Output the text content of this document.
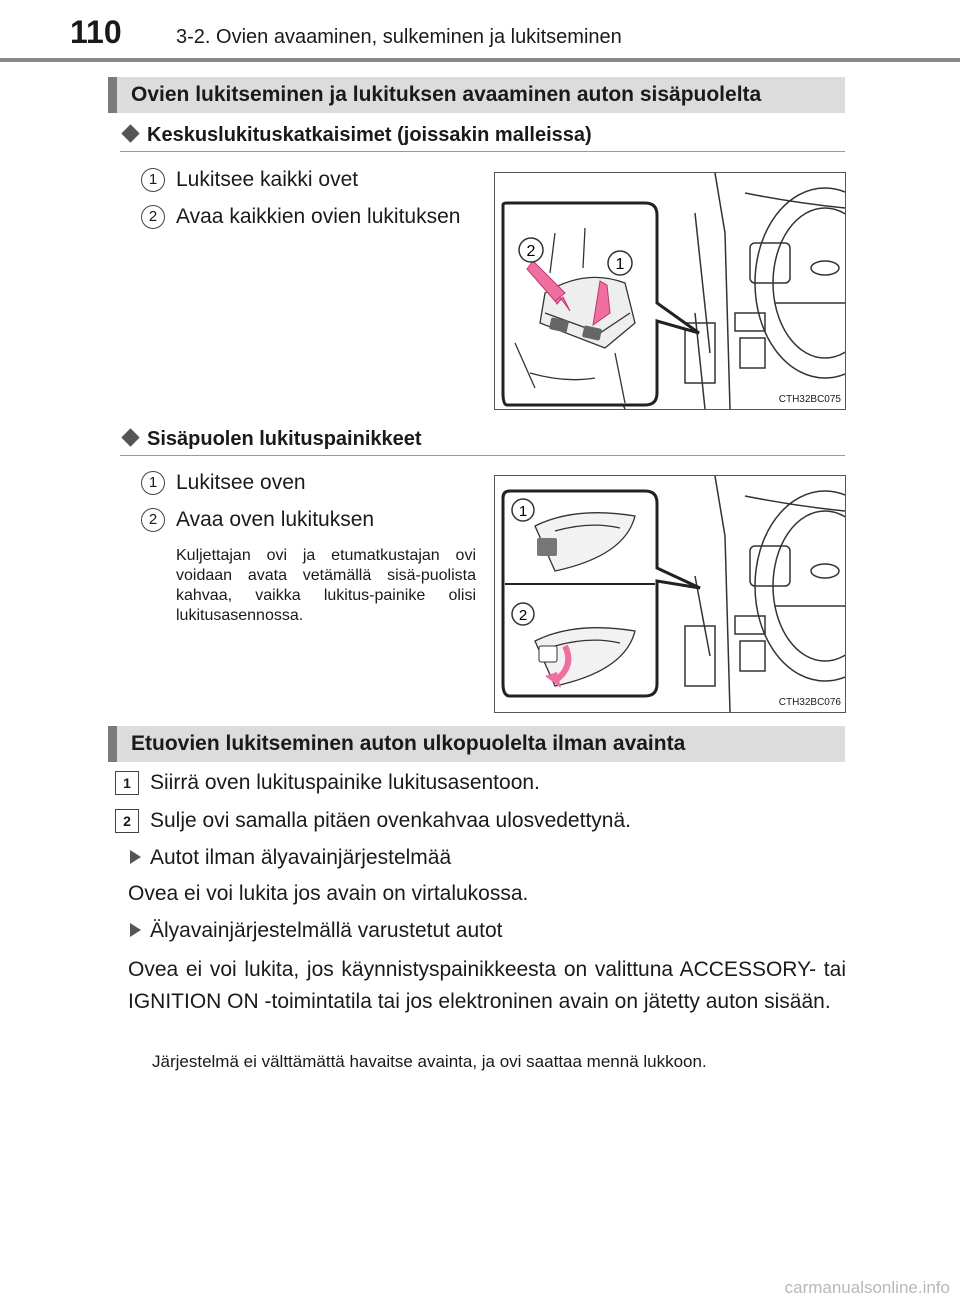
110	3-2. Ovien avaaminen, sulkeminen ja lukitseminen
Ovien lukitseminen ja lukituksen avaaminen auton sisäpuolelta
Keskuslukituskatkaisimet (joissakin malleissa)
1 Lukitsee kaikki ovet
2 Avaa kaikkien ovien lukituksen
2
1
CTH32BC075
Sisäpuolen lukituspainikkeet
1 Lukitsee oven
2 Avaa oven lukituksen
Kuljettajan ovi ja etumatkustajan ovi voidaan avata vetämällä sisä-puolista kahvaa, vaikka lukitus-painike olisi lukitusasennossa.
1
2
CTH32BC076
Etuovien lukitseminen auton ulkopuolelta ilman avainta
1 Siirrä oven lukituspainike lukitusasentoon.
2 Sulje ovi samalla pitäen ovenkahvaa ulosvedettynä.
Autot ilman älyavainjärjestelmää
Ovea ei voi lukita jos avain on virtalukossa.
Älyavainjärjestelmällä varustetut autot
Ovea ei voi lukita, jos käynnistyspainikkeesta on valittuna ACCESSORY- tai IGNITION ON -toimintatila tai jos elektroninen avain on jätetty auton sisään.
Järjestelmä ei välttämättä havaitse avainta, ja ovi saattaa mennä lukkoon.
carmanualsonline.info
